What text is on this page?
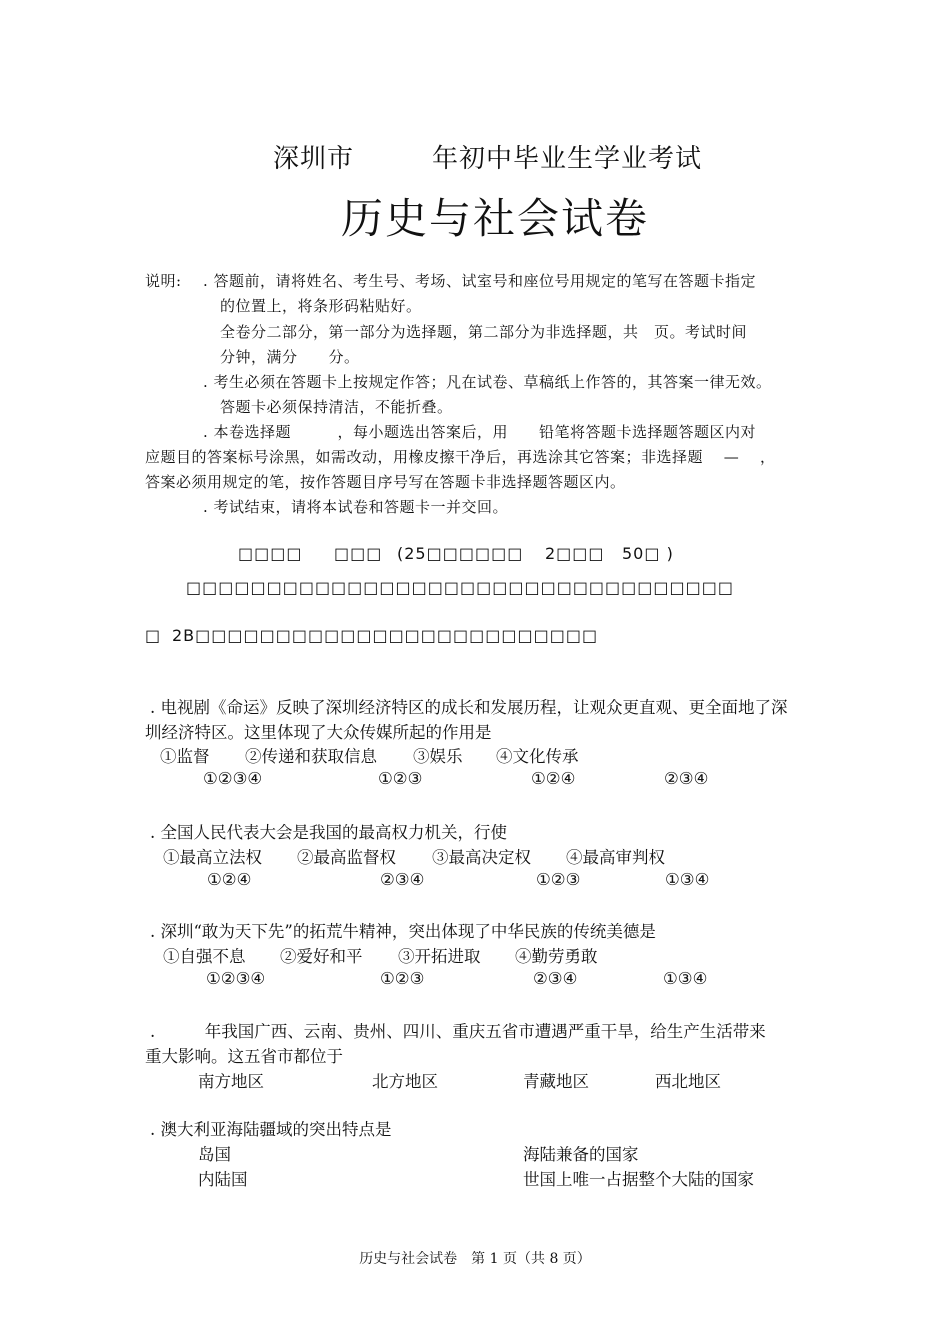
深圳市	年初中毕业生学业考试
历史与社会试卷
说明: . 答题前，请将姓名、考生号、考场、试室号和座位号用规定的笔写在答题卡指定
的位置上，将条形码粘贴好。
全卷分二部分，第一部分为选择题，第二部分为非选择题，共　页。考试时间
分钟，满分　　分。
. 考生必须在答题卡上按规定作答；凡在试卷、草稿纸上作答的，其答案一律无效。
答题卡必须保持清洁，不能折叠。
. 本卷选择题　　　，每小题选出答案后，用　　铅笔将答题卡选择题答题区内对
应题目的答案标号涂黑，如需改动，用橡皮擦干净后，再选涂其它答案；非选择题　 —　 ，
答案必须用规定的笔，按作答题目序号写在答题卡非选择题答题区内。
. 考试结束，请将本试卷和答题卡一并交回。
□□□□ □□□ (25□□□□□□ 2□□□ 50□ )
□□□□□□□□□□□□□□□□□□□□□□□□□□□□□□□□□□
□ 2B□□□□□□□□□□□□□□□□□□□□□□□□□
. 电视剧《命运》反映了深圳经济特区的成长和发展历程，让观众更直观、更全面地了深
圳经济特区。这里体现了大众传媒所起的作用是
①监督 ②传递和获取信息 ③娱乐 ④文化传承
①②③④	①②③	①②④	②③④
. 全国人民代表大会是我国的最高权力机关，行使
①最高立法权 ②最高监督权 ③最高决定权 ④最高审判权
①②④	②③④	①②③	①③④
. 深圳“敢为天下先”的拓荒牛精神，突出体现了中华民族的传统美德是
①自强不息 ②爱好和平 ③开拓进取 ④勤劳勇敢
①②③④	①②③	②③④	①③④
.　　　年我国广西、云南、贵州、四川、重庆五省市遭遇严重干旱，给生产生活带来
重大影响。这五省市都位于
南方地区	北方地区	青藏地区	西北地区
. 澳大利亚海陆疆域的突出特点是
岛国	海陆兼备的国家
内陆国	世国上唯一占据整个大陆的国家
历史与社会试卷　第 1 页（共 8 页）
